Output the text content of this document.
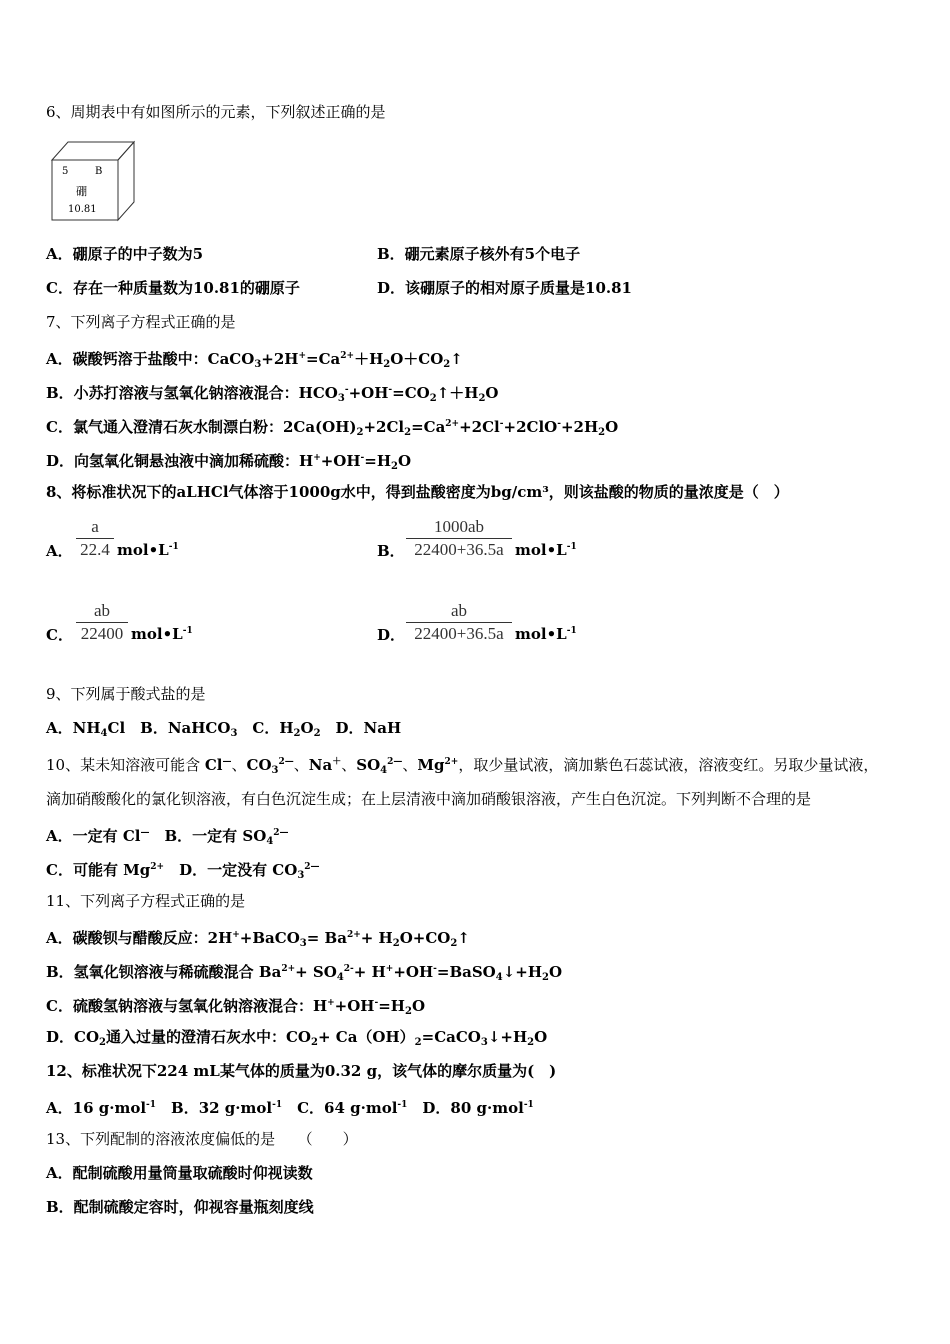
6、周期表中有如图所示的元素，下列叙述正确的是
5	B
硼
10.81
A．硼原子的中子数为5	B．硼元素原子核外有5个电子
C．存在一种质量数为10.81的硼原子	D．该硼原子的相对原子质量是10.81
7、下列离子方程式正确的是
A．碳酸钙溶于盐酸中：$CaCO_3+2H^+=Ca^{2+}+H_2O+CO_2↑$
B．小苏打溶液与氢氧化钠溶液混合：$HCO_3^-+OH^-=CO_2↑+H_2O$
C．氯气通入澄清石灰水制漂白粉：$2Ca(OH)_2+2Cl_2=Ca^{2+}+2Cl^-+2ClO^-+2H_2O$
D．向氢氧化铜悬浊液中滴加稀硫酸：$H^++OH^-=H_2O$
8、将标准状况下的aLHCl气体溶于1000g水中，得到盐酸密度为bg/cm³，则该盐酸的物质的量浓度是（　）
A．
a
22.4 $mol•L^{-1}$	B．
1000ab
22400+36.5a $mol•L^{-1}$
C．
ab
22400 $mol•L^{-1}$	D．
ab
22400+36.5a $mol•L^{-1}$
9、下列属于酸式盐的是
A．$NH_4Cl$　B．NaHCO$_3$　C．$H_2O_2$　D．NaH
10、某未知溶液可能含 Cl—、$CO_3^{2—}$、Na＋、$SO_4^{2—}$、$Mg^{2+}$，取少量试液，滴加紫色石蕊试液，溶液变红。另取少量试液，
滴加硝酸酸化的氯化钡溶液，有白色沉淀生成；在上层清液中滴加硝酸银溶液，产生白色沉淀。下列判断不合理的是
A．一定有 Cl—　B．一定有 $SO_4^{2—}$
C．可能有 $Mg^{2+}$　D．一定没有 $CO_3^{2—}$
11、下列离子方程式正确的是
A．碳酸钡与醋酸反应：2H++BaCO$_3$= $Ba^{2+}+$ $H_2O+CO_2↑$
B．氢氧化钡溶液与稀硫酸混合 $Ba^{2+}+ SO_4^{2-}+$ $H^++OH^-=BaSO_4↓+H_2O$
C．硫酸氢钠溶液与氢氧化钠溶液混合：$H^++OH^-=H_2O$
D．$CO_2$通入过量的澄清石灰水中：$CO_2+$ $Ca(OH)_2=CaCO_3↓+H_2O$
12、标准状况下224 mL某气体的质量为0.32 g，该气体的摩尔质量为(　)
A．16 g·mol$^{-1}$　B．32 g·mol$^{-1}$　C．64 g·mol$^{-1}$　D．80 g·mol$^{-1}$
13、下列配制的溶液浓度偏低的是　　（　　）
A．配制硫酸用量筒量取硫酸时仰视读数
B．配制硫酸定容时，仰视容量瓶刻度线
